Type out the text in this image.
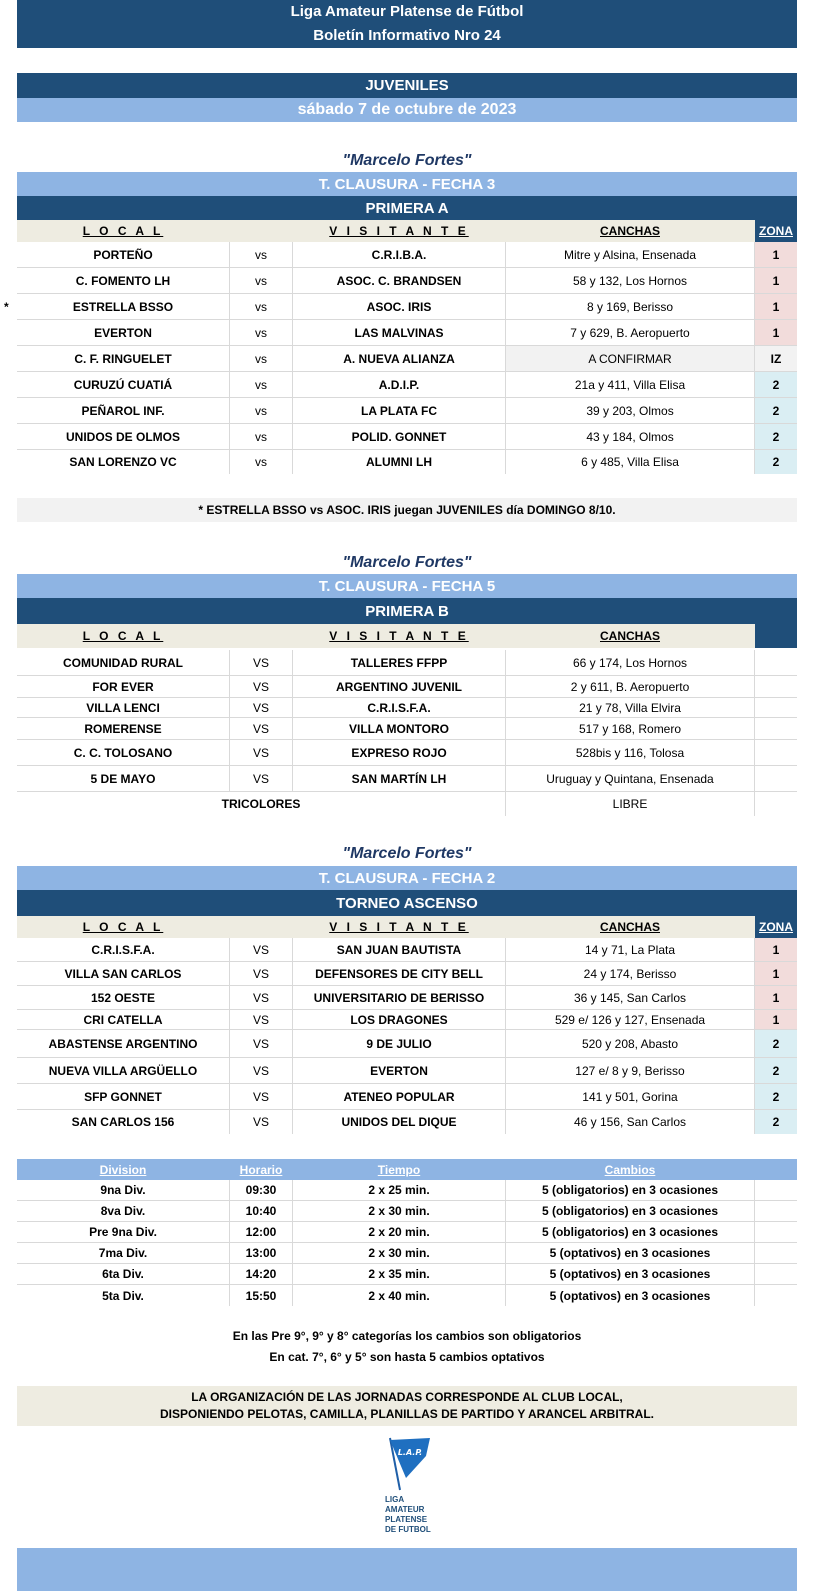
Liga Amateur Platense de Fútbol
Boletín Informativo Nro 24
JUVENILES
sábado 7 de octubre de 2023
"Marcelo Fortes"
T. CLAUSURA - FECHA 3
PRIMERA A
L O C A L	V I S I T A N T E	CANCHAS	ZONA
*
PORTEÑO	vs	C.R.I.B.A.	Mitre y Alsina, Ensenada	1
C. FOMENTO LH	vs	ASOC. C. BRANDSEN	58 y 132, Los Hornos	1
ESTRELLA BSSO	vs	ASOC. IRIS	8 y 169, Berisso	1
EVERTON	vs	LAS MALVINAS	7 y 629, B. Aeropuerto	1
C. F. RINGUELET	vs	A. NUEVA ALIANZA	A CONFIRMAR	IZ
CURUZÚ CUATIÁ	vs	A.D.I.P.	21a y 411, Villa Elisa	2
PEÑAROL INF.	vs	LA PLATA FC	39 y 203, Olmos	2
UNIDOS DE OLMOS	vs	POLID. GONNET	43 y 184, Olmos	2
SAN LORENZO VC	vs	ALUMNI LH	6 y 485, Villa Elisa	2
* ESTRELLA BSSO vs ASOC. IRIS juegan JUVENILES día DOMINGO 8/10.
"Marcelo Fortes"
T. CLAUSURA - FECHA 5
PRIMERA B
L O C A L	V I S I T A N T E	CANCHAS
COMUNIDAD RURAL	VS	TALLERES FFPP	66 y 174, Los Hornos
FOR EVER	VS	ARGENTINO JUVENIL	2 y 611, B. Aeropuerto
VILLA LENCI	VS	C.R.I.S.F.A.	21 y 78, Villa Elvira
ROMERENSE	VS	VILLA MONTORO	517 y 168, Romero
C. C. TOLOSANO	VS	EXPRESO ROJO	528bis y 116, Tolosa
5 DE MAYO	VS	SAN MARTÍN LH	Uruguay y Quintana, Ensenada
TRICOLORES	LIBRE
"Marcelo Fortes"
T. CLAUSURA - FECHA 2
TORNEO ASCENSO
L O C A L	V I S I T A N T E	CANCHAS	ZONA
C.R.I.S.F.A.	VS	SAN JUAN BAUTISTA	14 y 71, La Plata	1
VILLA SAN CARLOS	VS	DEFENSORES DE CITY BELL	24 y 174, Berisso	1
152 OESTE	VS	UNIVERSITARIO DE BERISSO	36 y 145, San Carlos	1
CRI CATELLA	VS	LOS DRAGONES	529 e/ 126 y 127, Ensenada	1
ABASTENSE ARGENTINO	VS	9 DE JULIO	520 y 208, Abasto	2
NUEVA VILLA ARGÜELLO	VS	EVERTON	127 e/ 8 y 9, Berisso	2
SFP GONNET	VS	ATENEO POPULAR	141 y 501, Gorina	2
SAN CARLOS 156	VS	UNIDOS DEL DIQUE	46 y 156, San Carlos	2
Division	Horario	Tiempo	Cambios
9na Div.	09:30	2 x 25 min.	5 (obligatorios) en 3 ocasiones
8va Div.	10:40	2 x 30 min.	5 (obligatorios) en 3 ocasiones
Pre 9na Div.	12:00	2 x 20 min.	5 (obligatorios) en 3 ocasiones
7ma Div.	13:00	2 x 30 min.	5 (optativos) en 3 ocasiones
6ta Div.	14:20	2 x 35 min.	5 (optativos) en 3 ocasiones
5ta Div.	15:50	2 x 40 min.	5 (optativos) en 3 ocasiones
En las Pre 9°, 9° y 8° categorías los cambios son obligatorios
En cat. 7°, 6° y 5° son hasta 5 cambios optativos
LA ORGANIZACIÓN DE LAS JORNADAS CORRESPONDE AL CLUB LOCAL,
DISPONIENDO PELOTAS, CAMILLA, PLANILLAS DE PARTIDO Y ARANCEL ARBITRAL.
L.A.P.
LIGA
AMATEUR
PLATENSE
DE FUTBOL
